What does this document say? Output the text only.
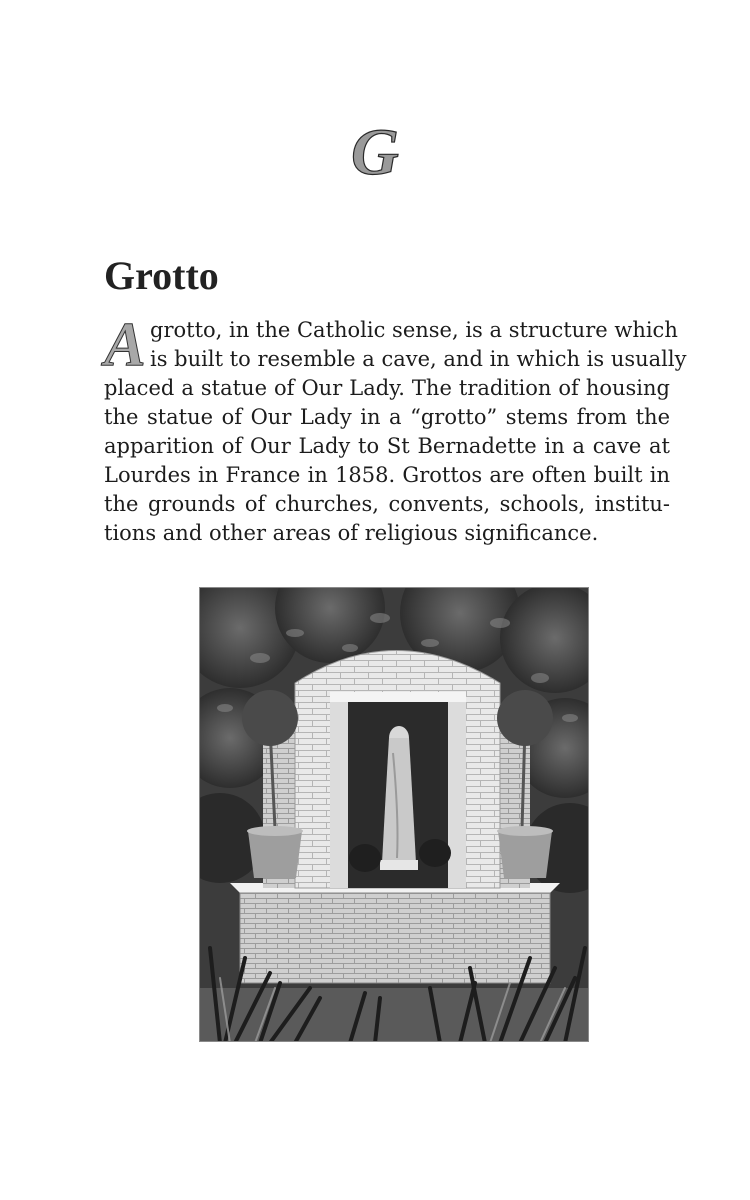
G
Grotto
A grotto, in the Catholic sense, is a structure which
is built to resemble a cave, and in which is usually
placed a statue of Our Lady. The tradition of housing
the statue of Our Lady in a “grotto” stems from the
apparition of Our Lady to St Bernadette in a cave at
Lourdes in France in 1858. Grottos are often built in
the grounds of churches, convents, schools, institu-
tions and other areas of religious significance.
